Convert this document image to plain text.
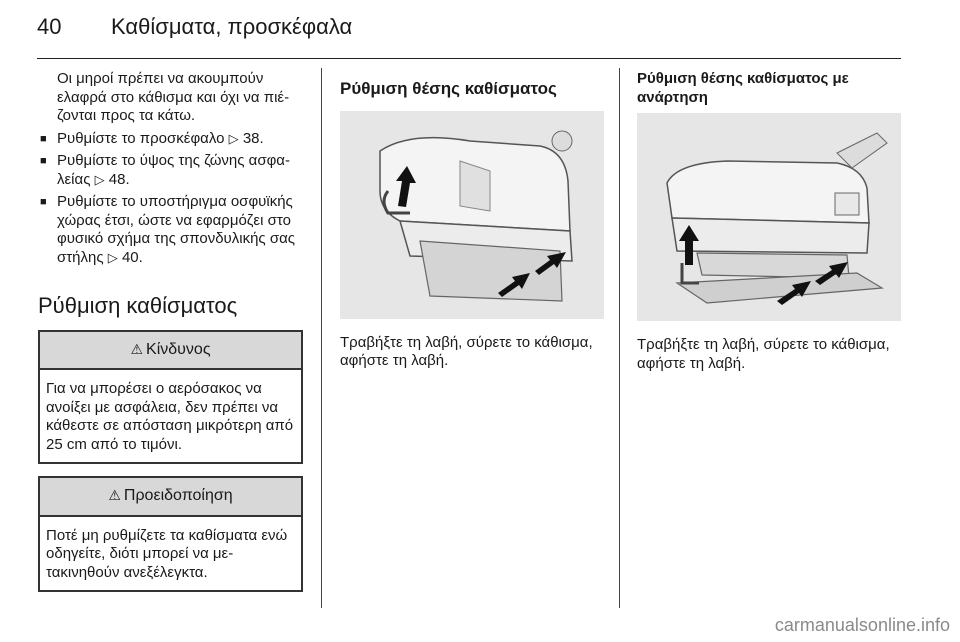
40 Καθίσματα, προσκέφαλα

Οι μηροί πρέπει να ακουμπούν ελαφρά στο κάθισμα και όχι να πιέζονται προς τα κάτω.

■ Ρυθμίστε το προσκέφαλο ▷ 38.
■ Ρυθμίστε το ύψος της ζώνης ασφαλείας ▷ 48.
■ Ρυθμίστε το υποστήριγμα οσφυϊκής χώρας έτσι, ώστε να εφαρμόζει στο φυσικό σχήμα της σπονδυλικής σας στήλης ▷ 40.
Ρύθμιση καθίσματος
⚠ Κίνδυνος
Για να μπορέσει ο αερόσακος να ανοίξει με ασφάλεια, δεν πρέπει να κάθεστε σε απόσταση μικρότερη από 25 cm από το τιμόνι.
⚠ Προειδοποίηση
Ποτέ μη ρυθμίζετε τα καθίσματα ενώ οδηγείτε, διότι μπορεί να μετακινηθούν ανεξέλεγκτα.
Ρύθμιση θέσης καθίσματος

Τραβήξτε τη λαβή, σύρετε το κάθισμα, αφήστε τη λαβή.

Ρύθμιση θέσης καθίσματος με ανάρτηση

Τραβήξτε τη λαβή, σύρετε το κάθισμα, αφήστε τη λαβή.

carmanualsonline.info
